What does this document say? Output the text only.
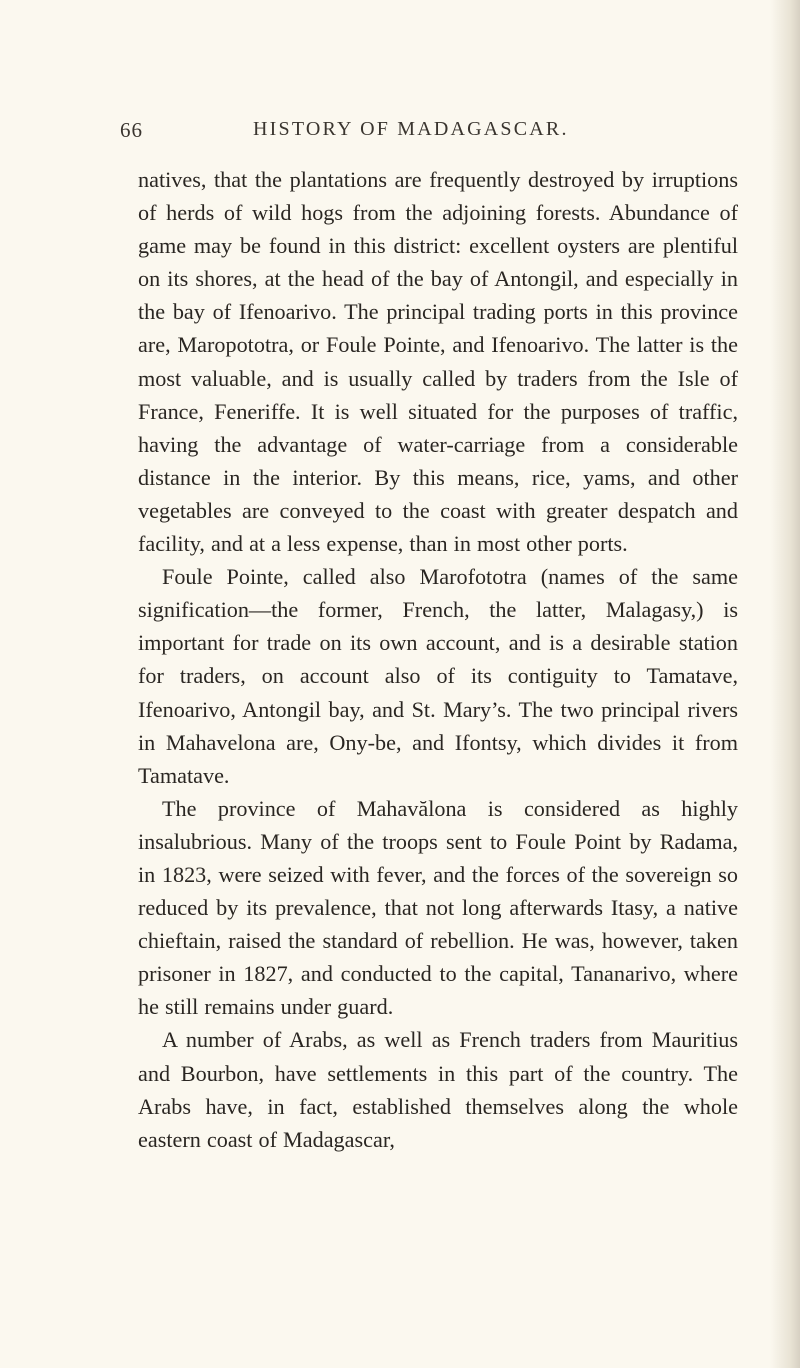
66	HISTORY OF MADAGASCAR.

natives, that the plantations are frequently destroyed by irruptions of herds of wild hogs from the adjoining forests. Abundance of game may be found in this district: excellent oysters are plentiful on its shores, at the head of the bay of Antongil, and especially in the bay of Ifenoarivo. The principal trading ports in this province are, Maropototra, or Foule Pointe, and Ifenoarivo. The latter is the most valuable, and is usually called by traders from the Isle of France, Feneriffe. It is well situated for the purposes of traffic, having the advantage of water-carriage from a considerable distance in the interior. By this means, rice, yams, and other vegetables are conveyed to the coast with greater despatch and facility, and at a less expense, than in most other ports.

Foule Pointe, called also Marofototra (names of the same signification—the former, French, the latter, Malagasy,) is important for trade on its own account, and is a desirable station for traders, on account also of its contiguity to Tamatave, Ifenoarivo, Antongil bay, and St. Mary’s. The two principal rivers in Mahavelona are, Ony-be, and Ifontsy, which divides it from Tamatave.

The province of Mahavălona is considered as highly insalubrious. Many of the troops sent to Foule Point by Radama, in 1823, were seized with fever, and the forces of the sovereign so reduced by its prevalence, that not long afterwards Itasy, a native chieftain, raised the standard of rebellion. He was, however, taken prisoner in 1827, and conducted to the capital, Tananarivo, where he still remains under guard.

A number of Arabs, as well as French traders from Mauritius and Bourbon, have settlements in this part of the country. The Arabs have, in fact, established themselves along the whole eastern coast of Madagascar,
